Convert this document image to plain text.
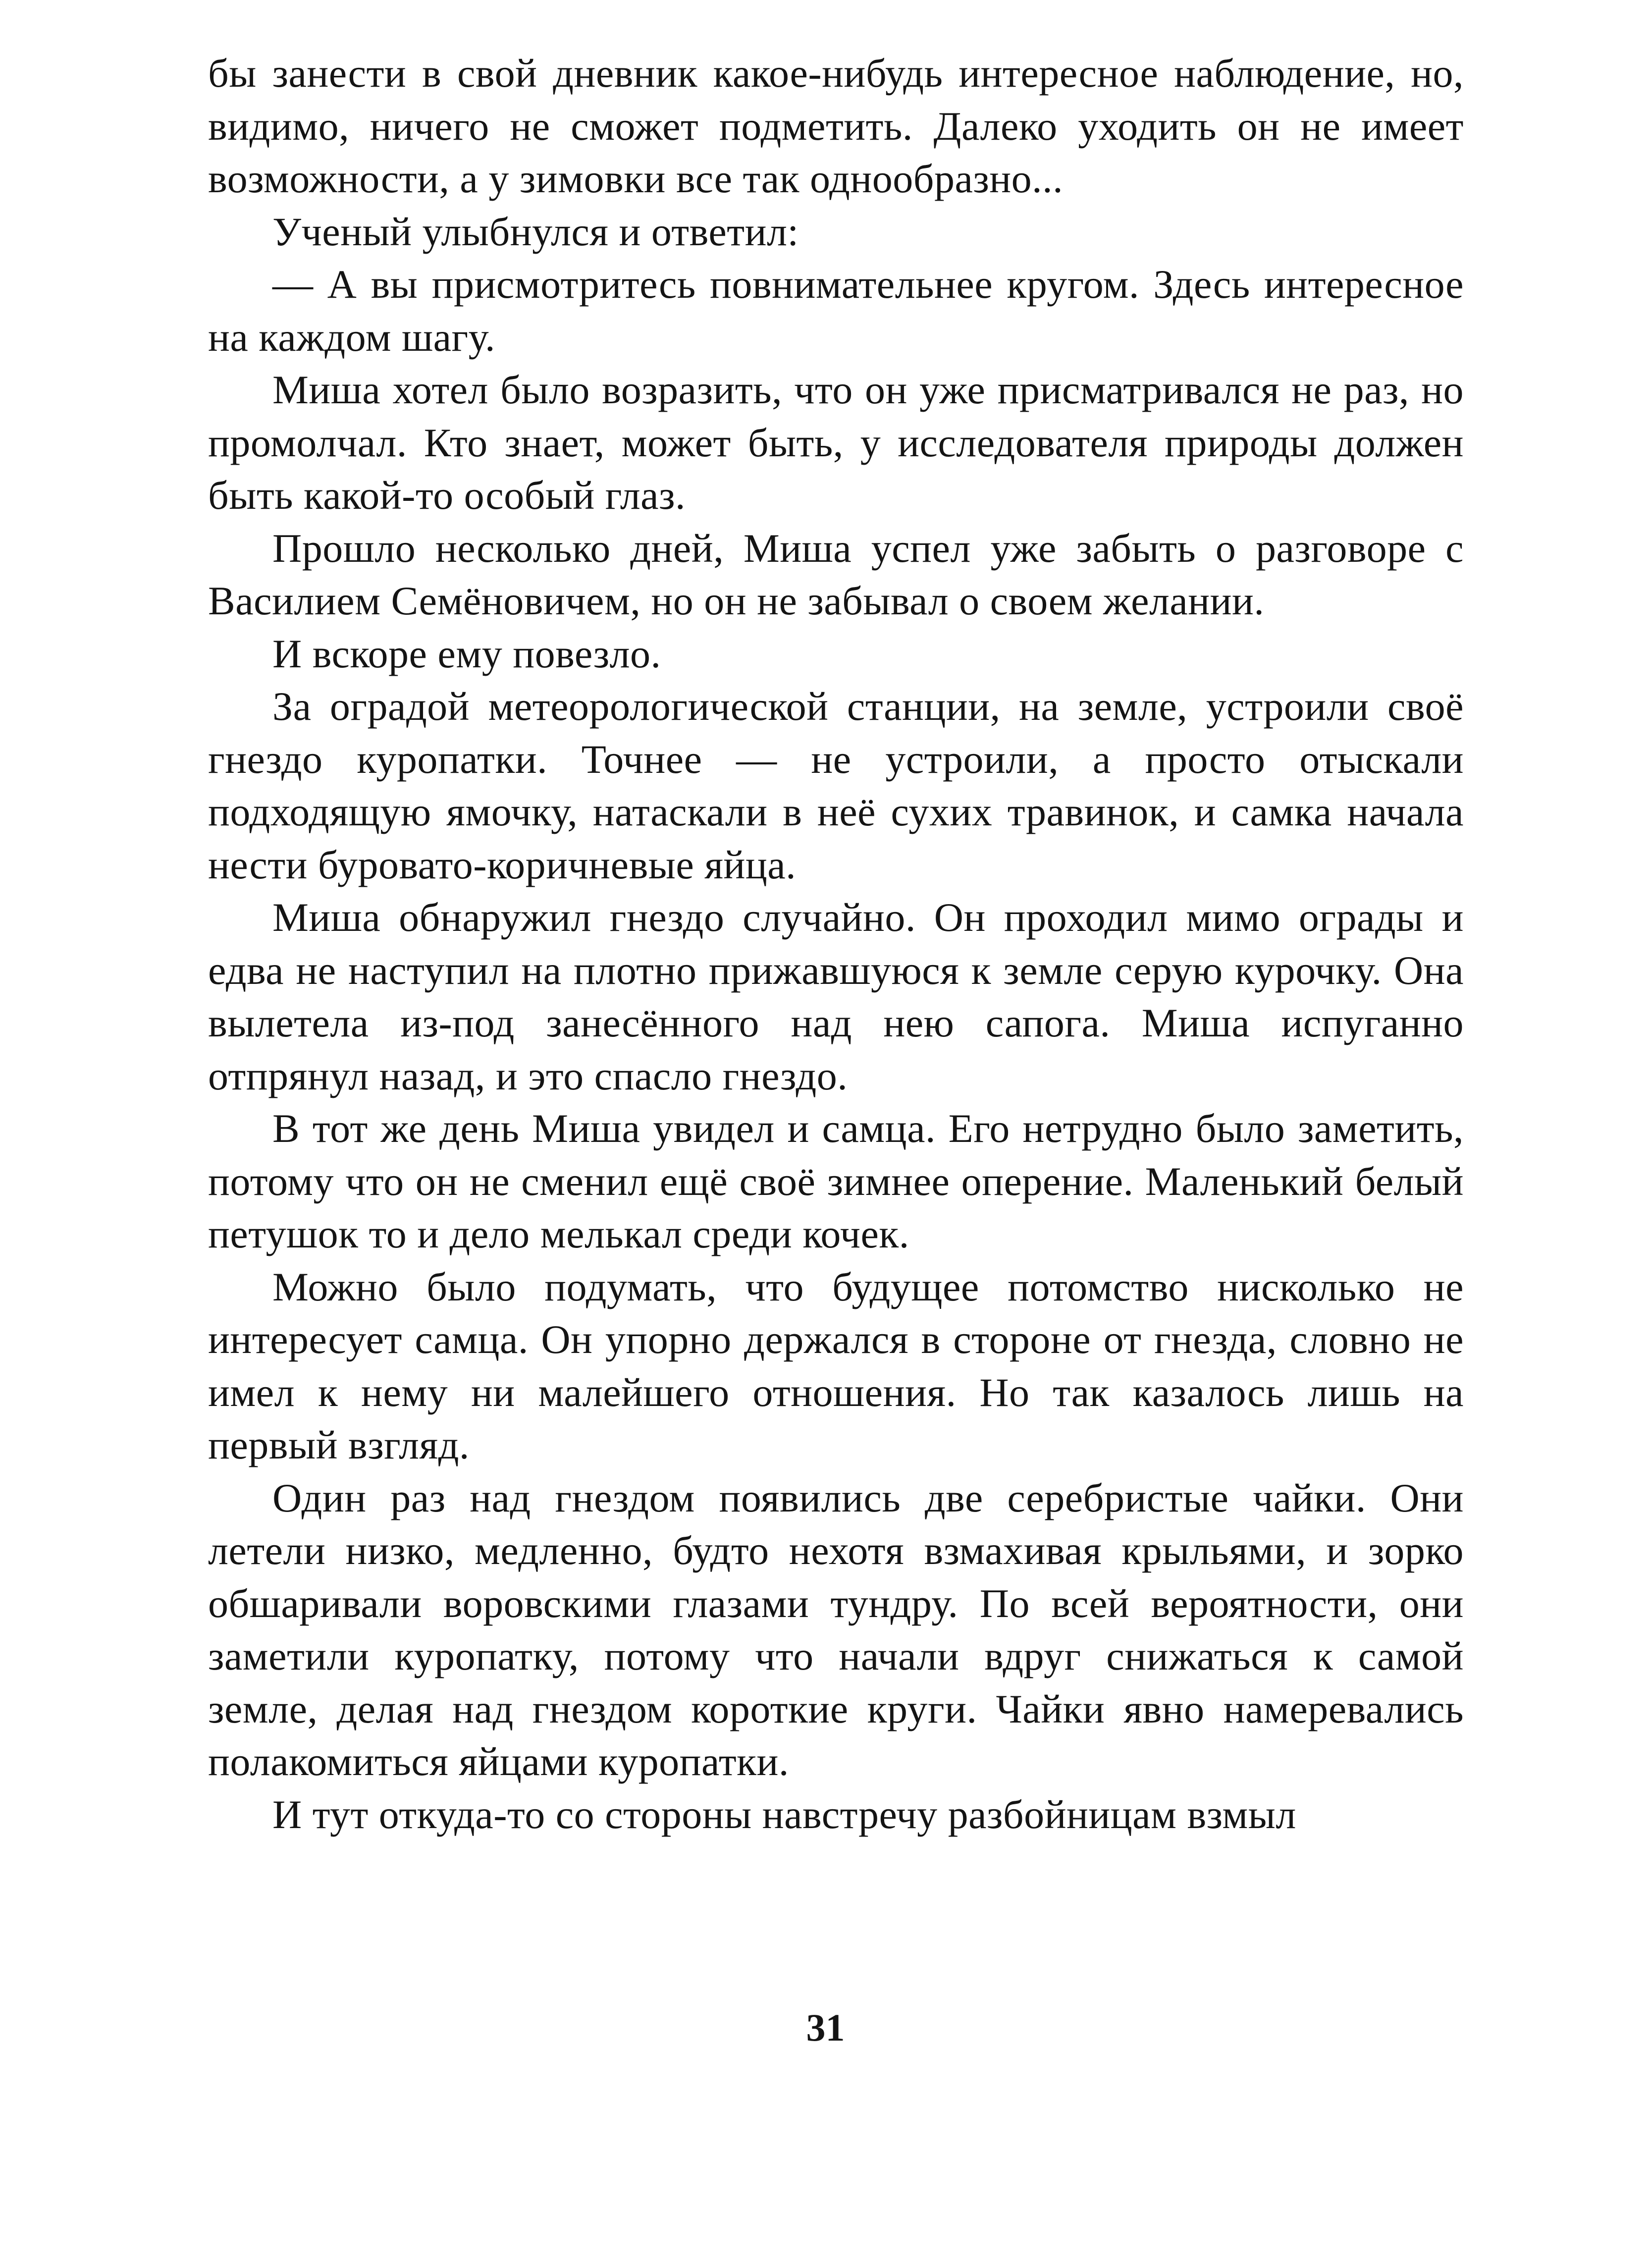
бы занести в свой дневник какое-нибудь интересное наблюдение, но, видимо, ничего не сможет подметить. Далеко уходить он не имеет возможности, а у зимовки все так однообразно...

Ученый улыбнулся и ответил:

— А вы присмотритесь повнимательнее кругом. Здесь интересное на каждом шагу.

Миша хотел было возразить, что он уже присматривался не раз, но промолчал. Кто знает, может быть, у исследователя природы должен быть какой-то особый глаз.

Прошло несколько дней, Миша успел уже забыть о разговоре с Василием Семёновичем, но он не забывал о своем желании.

И вскоре ему повезло.

За оградой метеорологической станции, на земле, устроили своё гнездо куропатки. Точнее — не устроили, а просто отыскали подходящую ямочку, натаскали в неё сухих травинок, и самка начала нести буровато-коричневые яйца.

Миша обнаружил гнездо случайно. Он проходил мимо ограды и едва не наступил на плотно прижавшуюся к земле серую курочку. Она вылетела из-под занесённого над нею сапога. Миша испуганно отпрянул назад, и это спасло гнездо.

В тот же день Миша увидел и самца. Его нетрудно было заметить, потому что он не сменил ещё своё зимнее оперение. Маленький белый петушок то и дело мелькал среди кочек.

Можно было подумать, что будущее потомство нисколько не интересует самца. Он упорно держался в стороне от гнезда, словно не имел к нему ни малейшего отношения. Но так казалось лишь на первый взгляд.

Один раз над гнездом появились две серебристые чайки. Они летели низко, медленно, будто нехотя взмахивая крыльями, и зорко обшаривали воровскими глазами тундру. По всей вероятности, они заметили куропатку, потому что начали вдруг снижаться к самой земле, делая над гнездом короткие круги. Чайки явно намеревались полакомиться яйцами куропатки.

И тут откуда-то со стороны навстречу разбойницам взмыл

31
